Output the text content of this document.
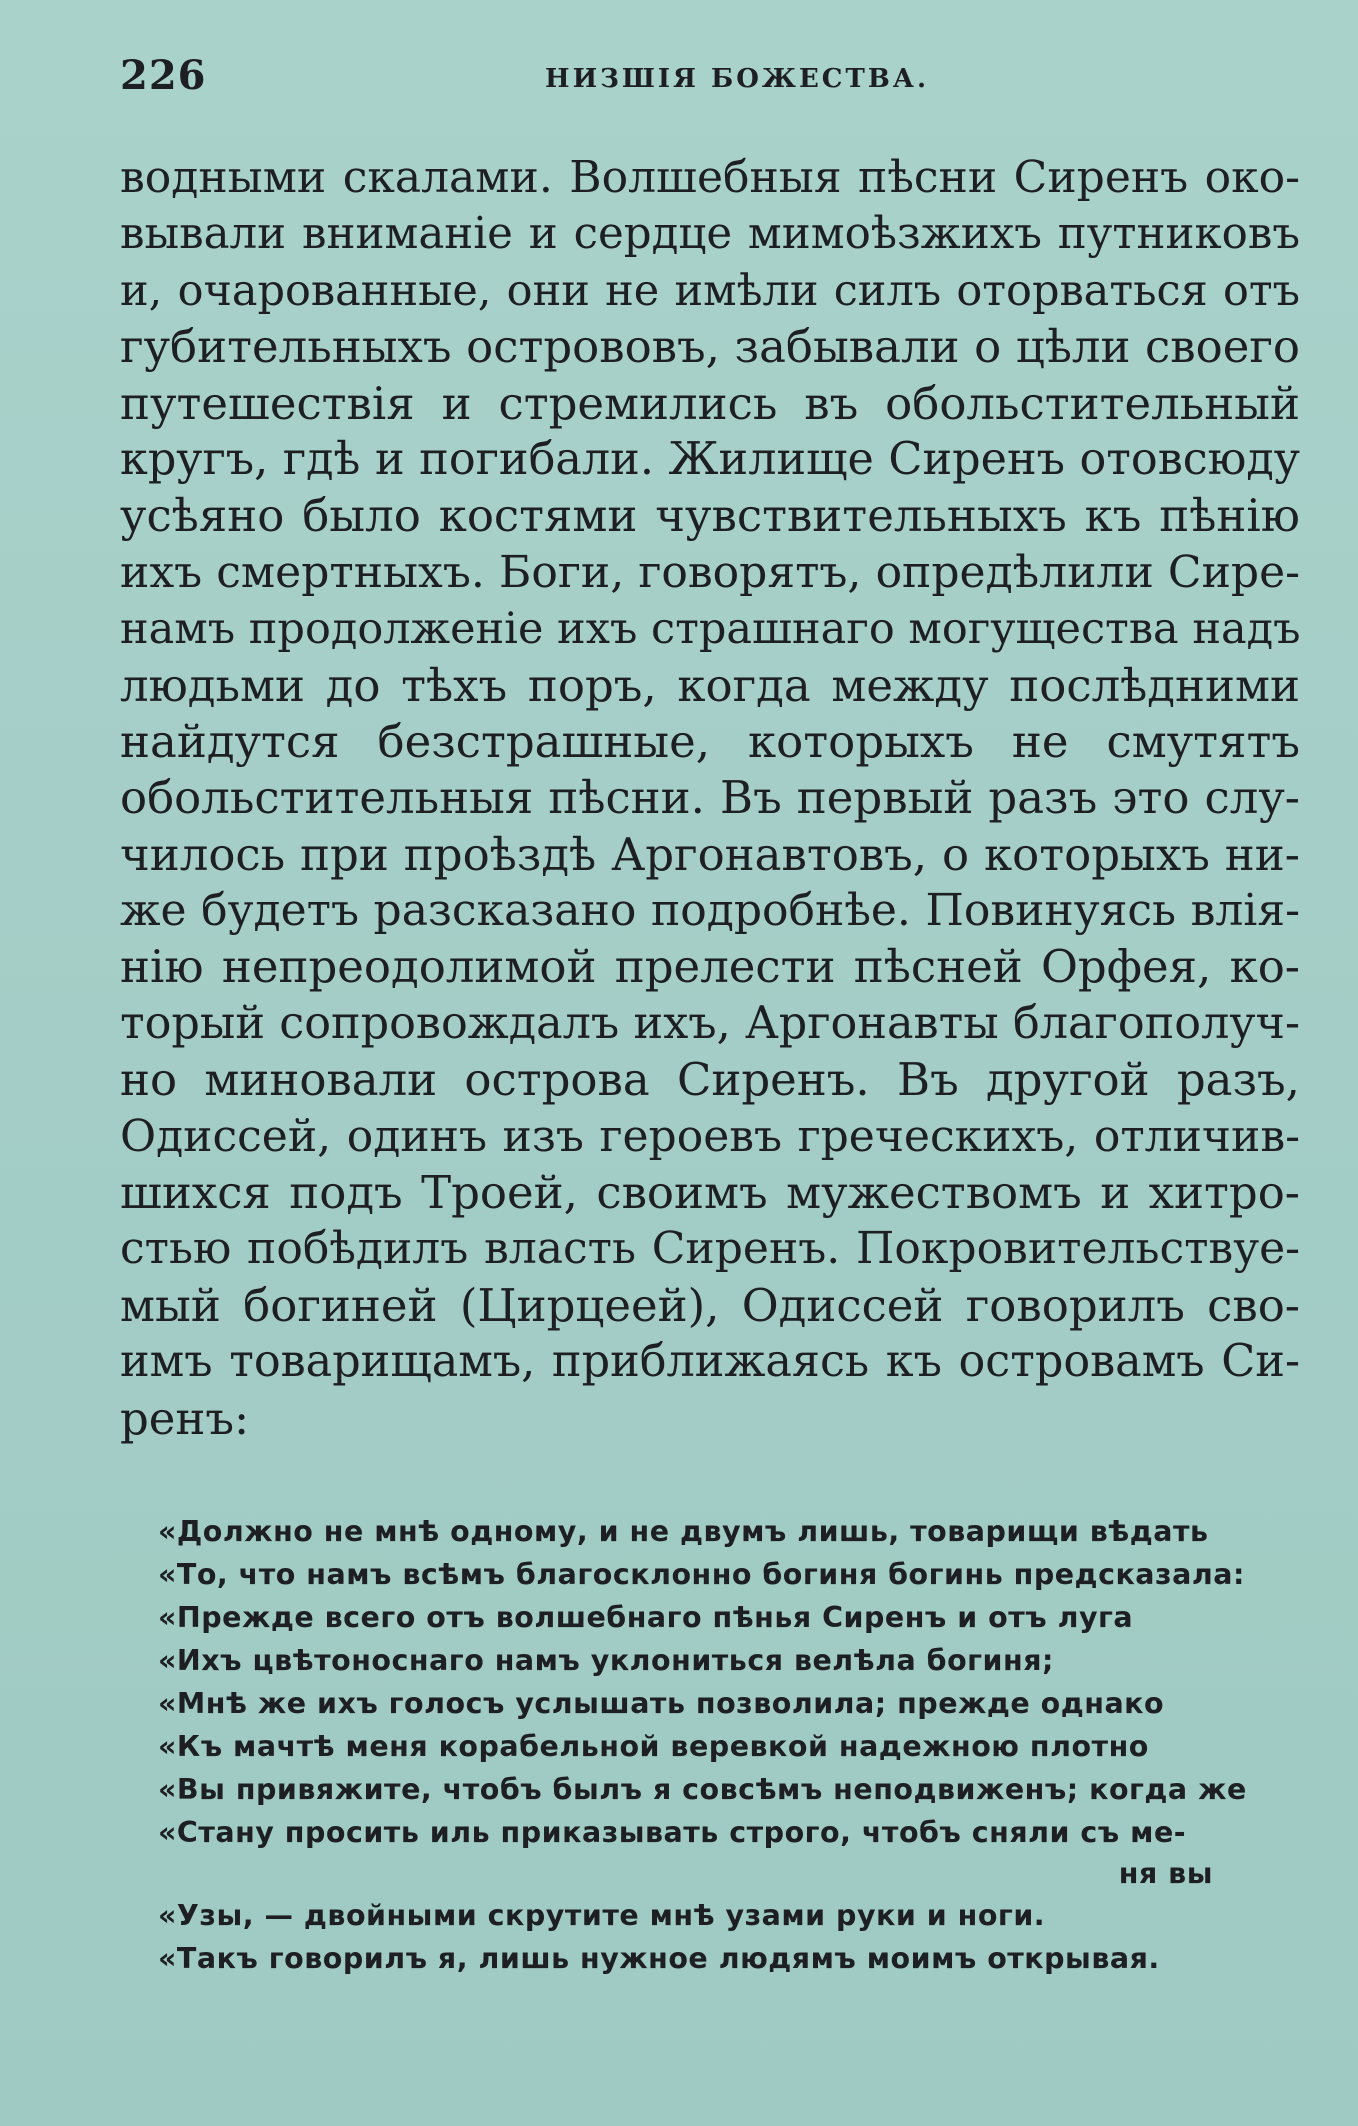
226	НИЗШІЯ БОЖЕСТВА.
водными скалами. Волшебныя пѣсни Сиренъ око-
вывали вниманіе и сердце мимоѣзжихъ путниковъ
и, очарованные, они не имѣли силъ оторваться отъ
губительныхъ острововъ, забывали о цѣли своего
путешествія и стремились въ обольстительный
кругъ, гдѣ и погибали. Жилище Сиренъ отовсюду
усѣяно было костями чувствительныхъ къ пѣнію
ихъ смертныхъ. Боги, говорятъ, опредѣлили Сире-
намъ продолженіе ихъ страшнаго могущества надъ
людьми до тѣхъ поръ, когда между послѣдними
найдутся безстрашные, которыхъ не смутятъ
обольстительныя пѣсни. Въ первый разъ это слу-
чилось при проѣздѣ Аргонавтовъ, о которыхъ ни-
же будетъ разсказано подробнѣе. Повинуясь влія-
нію непреодолимой прелести пѣсней Орфея, ко-
торый сопровождалъ ихъ, Аргонавты благополуч-
но миновали острова Сиренъ. Въ другой разъ,
Одиссей, одинъ изъ героевъ греческихъ, отличив-
шихся подъ Троей, своимъ мужествомъ и хитро-
стью побѣдилъ власть Сиренъ. Покровительствуе-
мый богиней (Цирцеей), Одиссей говорилъ сво-
имъ товарищамъ, приближаясь къ островамъ Си-
ренъ:
«Должно не мнѣ одному, и не двумъ лишь, товарищи вѣдать
«То, что намъ всѣмъ благосклонно богиня богинь предсказала:
«Прежде всего отъ волшебнаго пѣнья Сиренъ и отъ луга
«Ихъ цвѣтоноснаго намъ уклониться велѣла богиня;
«Мнѣ же ихъ голосъ услышать позволила; прежде однако
«Къ мачтѣ меня корабельной веревкой надежною плотно
«Вы привяжите, чтобъ былъ я совсѣмъ неподвиженъ; когда же
«Стану просить иль приказывать строго, чтобъ сняли съ ме-
ня вы
«Узы, — двойными скрутите мнѣ узами руки и ноги.
«Такъ говорилъ я, лишь нужное людямъ моимъ открывая.
